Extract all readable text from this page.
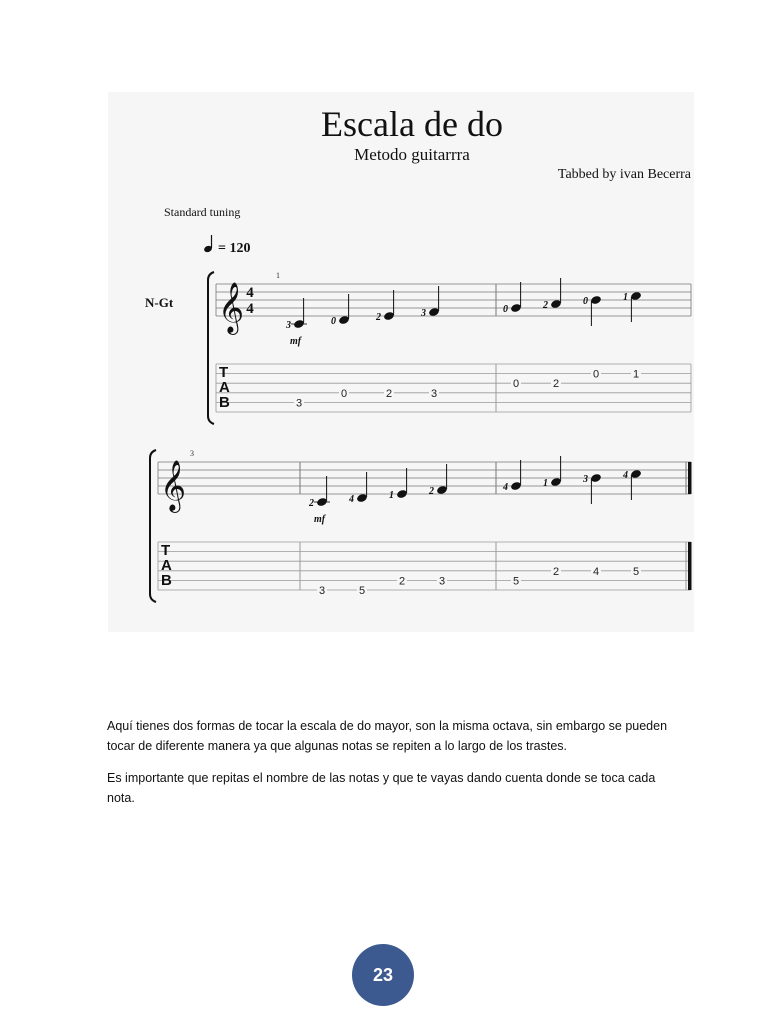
Escala de do
Metodo guitarrra
Tabbed by ivan Becerra
Standard tuning
= 120
N-Gt 𝄞 4
4
T
A
B
1
mf
3
3
0
0
2
2
3
3
0
0
2
2
0
0
1
1
𝄞
T
A
B
3
mf
2
3
4
5
1
2
2
3
4
5
1
2
3
4
4
5

Aquí tienes dos formas de tocar la escala de do mayor, son la misma octava, sin embargo se pueden tocar de diferente manera ya que algunas notas se repiten a lo largo de los trastes.

Es importante que repitas el nombre de las notas y que te vayas dando cuenta donde se toca cada nota.

23
